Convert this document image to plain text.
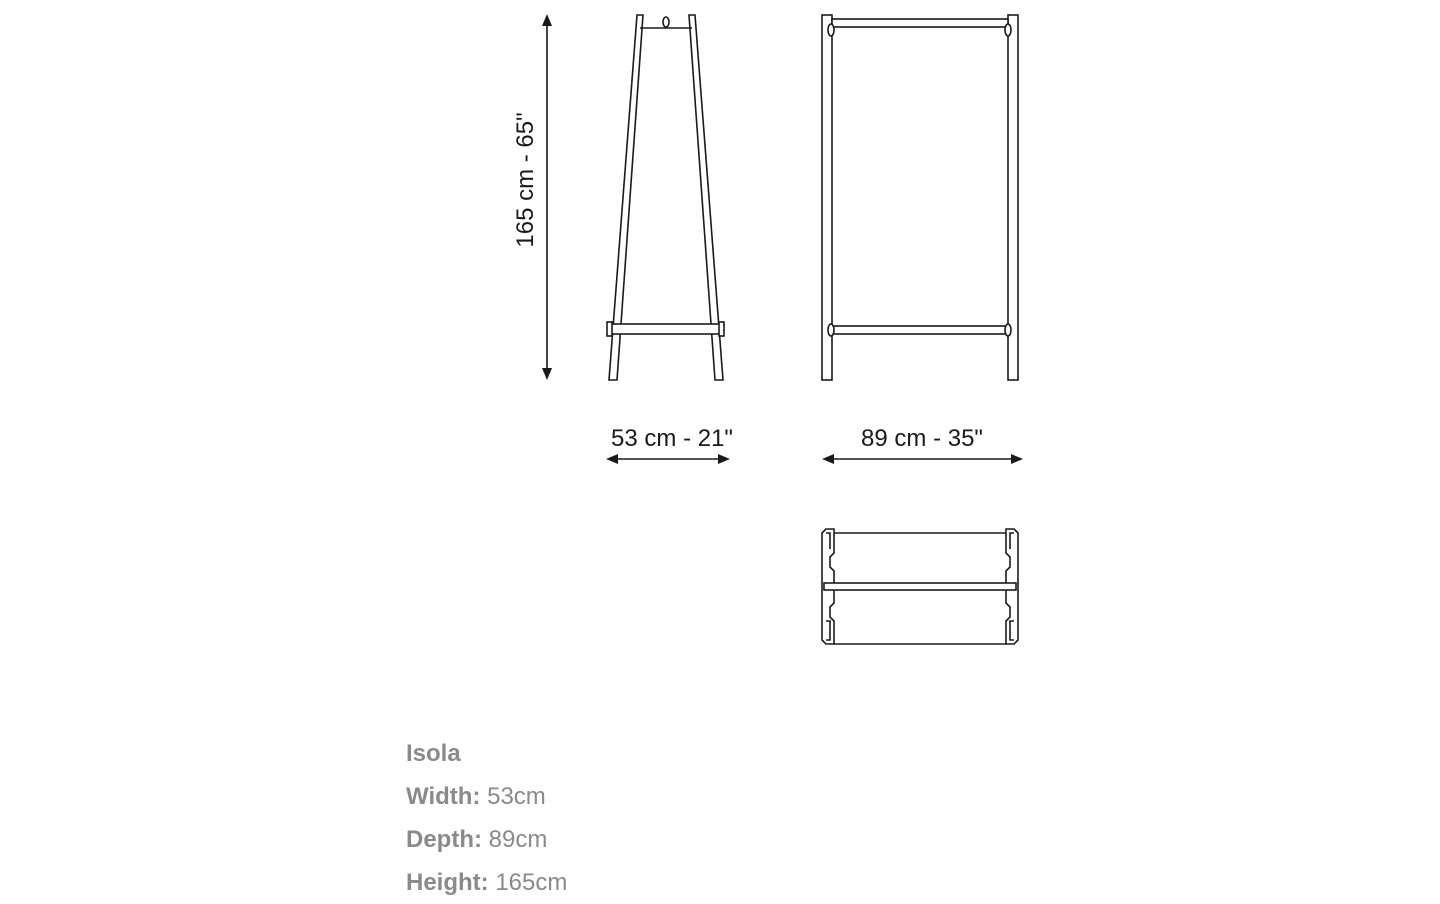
165 cm - 65"
53 cm - 21"	89 cm - 35"
Isola
Width: 53cm
Depth: 89cm
Height: 165cm
